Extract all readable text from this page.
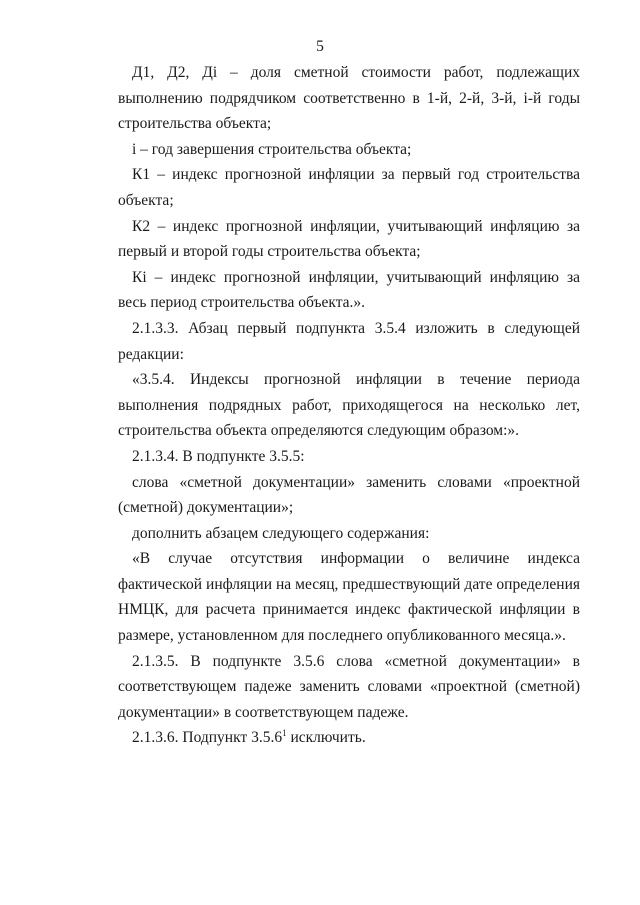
5

Д1, Д2, Дi – доля сметной стоимости работ, подлежащих выполнению подрядчиком соответственно в 1-й, 2-й, 3-й, i-й годы строительства объекта;

i – год завершения строительства объекта;

К1 – индекс прогнозной инфляции за первый год строительства объекта;

К2 – индекс прогнозной инфляции, учитывающий инфляцию за первый и второй годы строительства объекта;

Кi – индекс прогнозной инфляции, учитывающий инфляцию за весь период строительства объекта.».

2.1.3.3. Абзац первый подпункта 3.5.4 изложить в следующей редакции:

«3.5.4. Индексы прогнозной инфляции в течение периода выполнения подрядных работ, приходящегося на несколько лет, строительства объекта определяются следующим образом:».

2.1.3.4. В подпункте 3.5.5:

слова «сметной документации» заменить словами «проектной (сметной) документации»;

дополнить абзацем следующего содержания:

«В случае отсутствия информации о величине индекса фактической инфляции на месяц, предшествующий дате определения НМЦК, для расчета принимается индекс фактической инфляции в размере, установленном для последнего опубликованного месяца.».

2.1.3.5. В подпункте 3.5.6 слова «сметной документации» в соответствующем падеже заменить словами «проектной (сметной) документации» в соответствующем падеже.

2.1.3.6. Подпункт 3.5.6$^1$ исключить.
